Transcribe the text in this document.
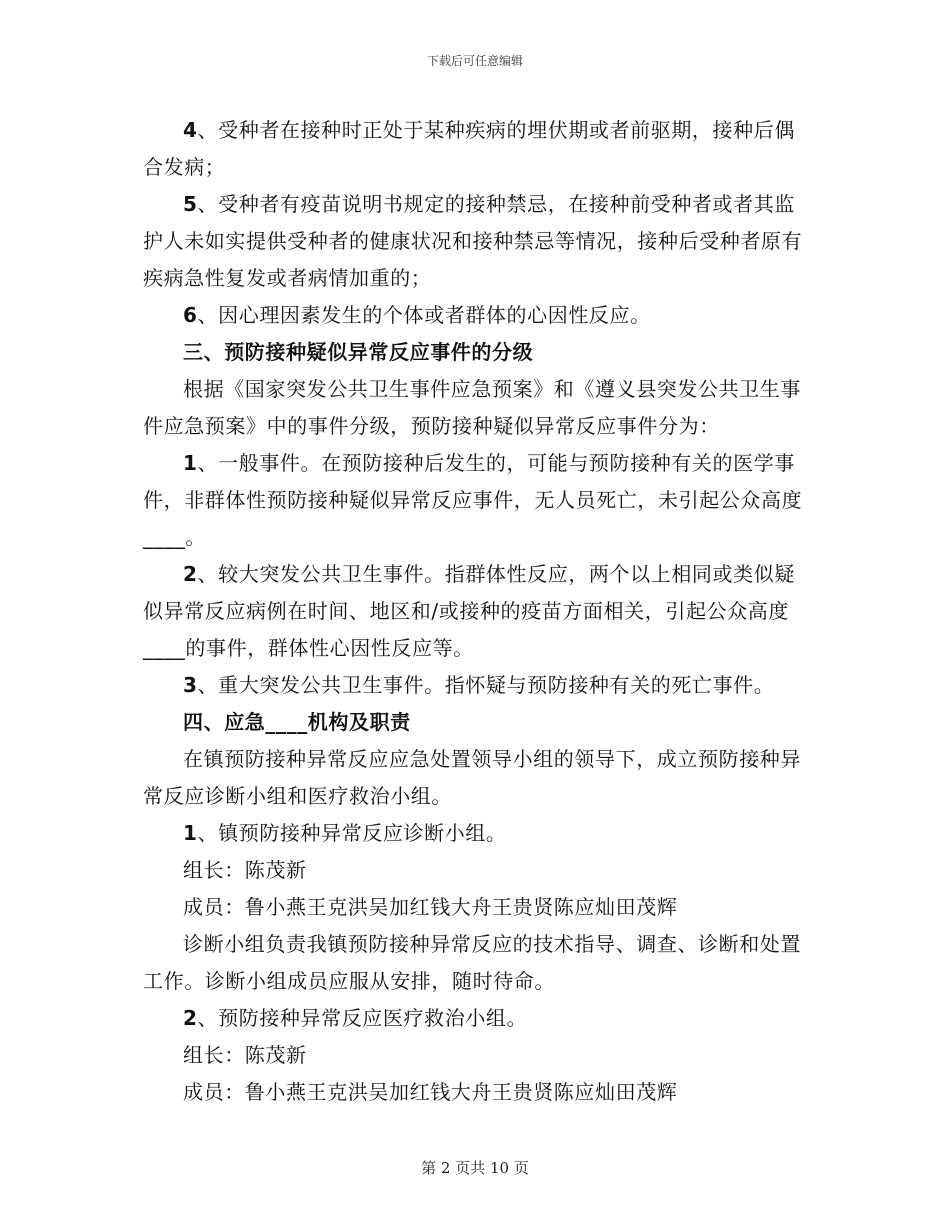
下载后可任意编辑

4、受种者在接种时正处于某种疾病的埋伏期或者前驱期，接种后偶合发病；

5、受种者有疫苗说明书规定的接种禁忌，在接种前受种者或者其监护人未如实提供受种者的健康状况和接种禁忌等情况，接种后受种者原有疾病急性复发或者病情加重的；

6、因心理因素发生的个体或者群体的心因性反应。

三、预防接种疑似异常反应事件的分级

根据《国家突发公共卫生事件应急预案》和《遵义县突发公共卫生事件应急预案》中的事件分级，预防接种疑似异常反应事件分为：

1、一般事件。在预防接种后发生的，可能与预防接种有关的医学事件，非群体性预防接种疑似异常反应事件，无人员死亡，未引起公众高度____。

2、较大突发公共卫生事件。指群体性反应，两个以上相同或类似疑似异常反应病例在时间、地区和/或接种的疫苗方面相关，引起公众高度____的事件，群体性心因性反应等。

3、重大突发公共卫生事件。指怀疑与预防接种有关的死亡事件。

四、应急____机构及职责

在镇预防接种异常反应应急处置领导小组的领导下，成立预防接种异常反应诊断小组和医疗救治小组。

1、镇预防接种异常反应诊断小组。

组长：陈茂新

成员：鲁小燕王克洪吴加红钱大舟王贵贤陈应灿田茂辉

诊断小组负责我镇预防接种异常反应的技术指导、调查、诊断和处置工作。诊断小组成员应服从安排，随时待命。

2、预防接种异常反应医疗救治小组。

组长：陈茂新

成员：鲁小燕王克洪吴加红钱大舟王贵贤陈应灿田茂辉

第 2 页共 10 页
